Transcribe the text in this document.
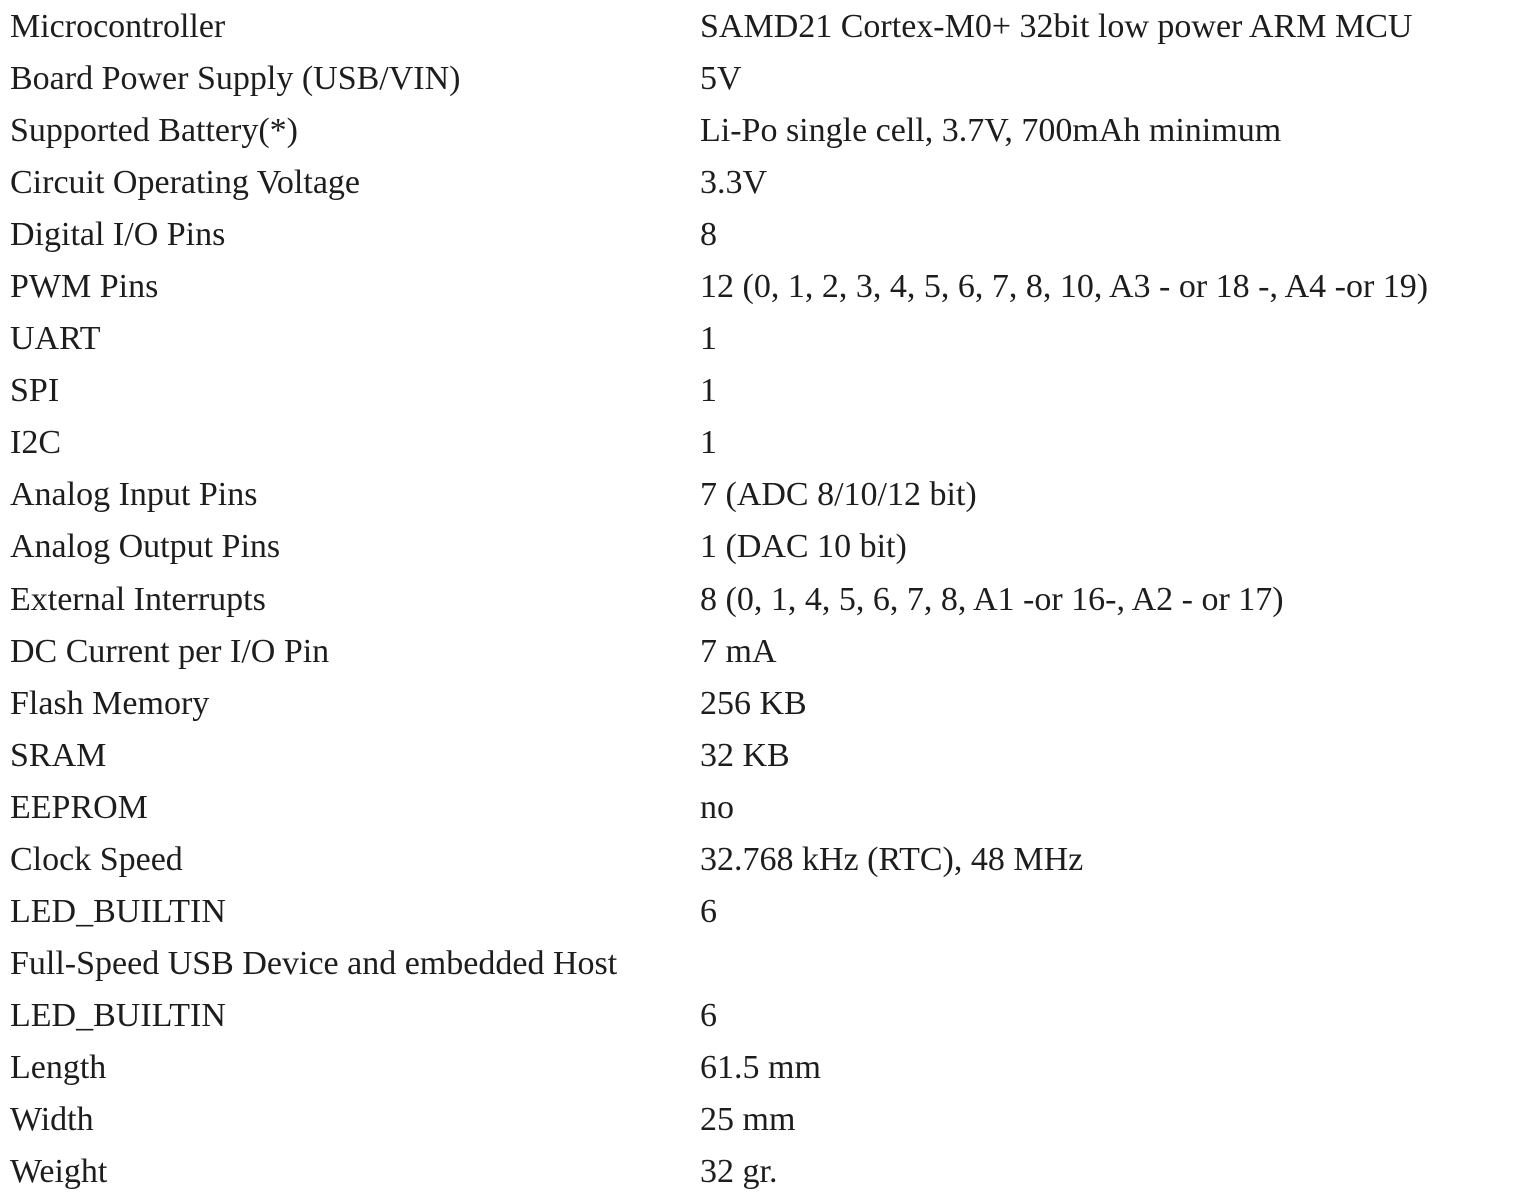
Microcontroller	SAMD21 Cortex-M0+ 32bit low power ARM MCU
Board Power Supply (USB/VIN)	5V
Supported Battery(*)	Li-Po single cell, 3.7V, 700mAh minimum
Circuit Operating Voltage	3.3V
Digital I/O Pins	8
PWM Pins	12 (0, 1, 2, 3, 4, 5, 6, 7, 8, 10, A3 - or 18 -, A4 -or 19)
UART	1
SPI	1
I2C	1
Analog Input Pins	7 (ADC 8/10/12 bit)
Analog Output Pins	1 (DAC 10 bit)
External Interrupts	8 (0, 1, 4, 5, 6, 7, 8, A1 -or 16-, A2 - or 17)
DC Current per I/O Pin	7 mA
Flash Memory	256 KB
SRAM	32 KB
EEPROM	no
Clock Speed	32.768 kHz (RTC), 48 MHz
LED_BUILTIN	6
Full-Speed USB Device and embedded Host
LED_BUILTIN	6
Length	61.5 mm
Width	25 mm
Weight	32 gr.
